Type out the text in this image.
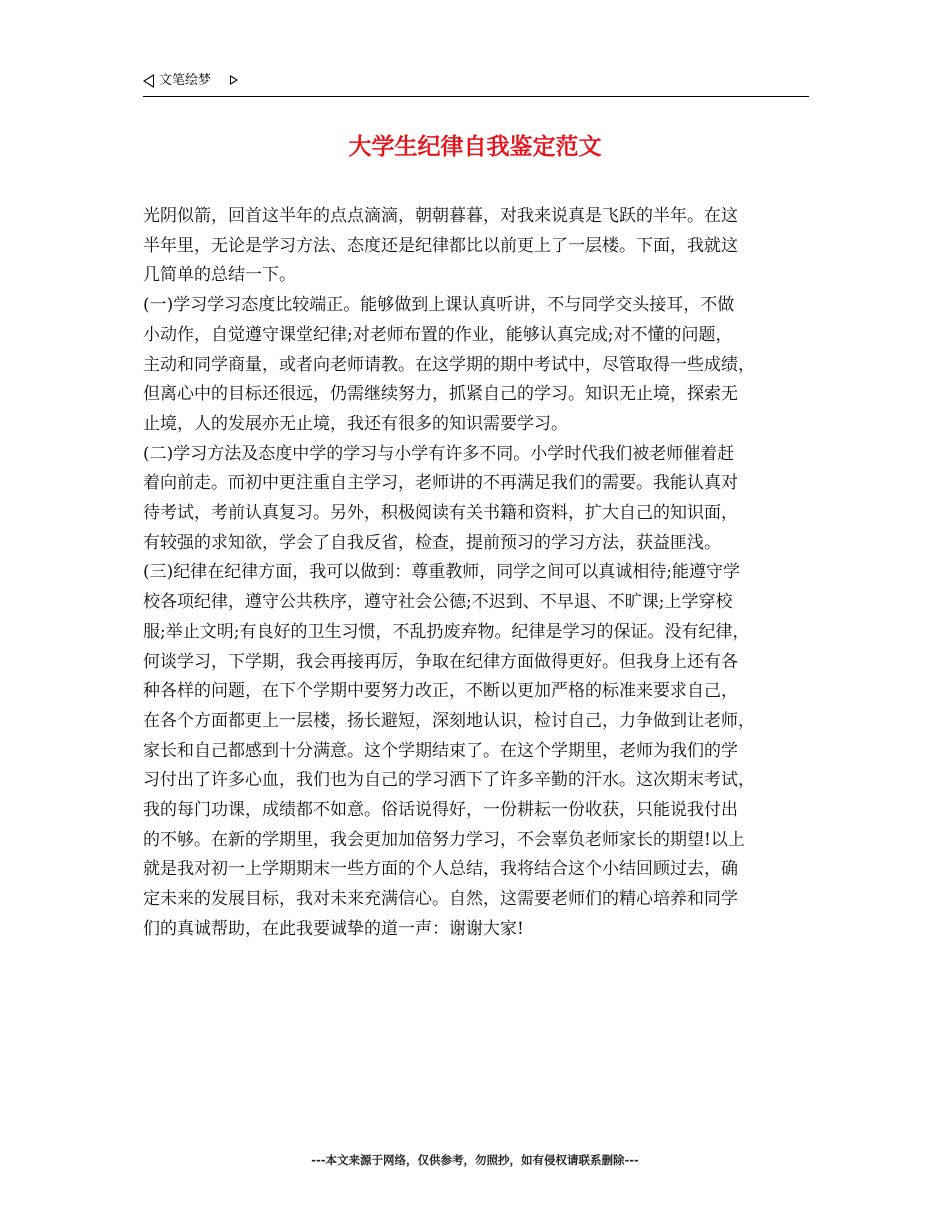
文笔绘梦
大学生纪律自我鉴定范文

光阴似箭，回首这半年的点点滴滴，朝朝暮暮，对我来说真是飞跃的半年。在这
半年里，无论是学习方法、态度还是纪律都比以前更上了一层楼。下面，我就这
几简单的总结一下。

(一)学习学习态度比较端正。能够做到上课认真听讲，不与同学交头接耳，不做
小动作，自觉遵守课堂纪律;对老师布置的作业，能够认真完成;对不懂的问题，
主动和同学商量，或者向老师请教。在这学期的期中考试中，尽管取得一些成绩，
但离心中的目标还很远，仍需继续努力，抓紧自己的学习。知识无止境，探索无
止境，人的发展亦无止境，我还有很多的知识需要学习。

(二)学习方法及态度中学的学习与小学有许多不同。小学时代我们被老师催着赶
着向前走。而初中更注重自主学习，老师讲的不再满足我们的需要。我能认真对
待考试，考前认真复习。另外，积极阅读有关书籍和资料，扩大自己的知识面，
有较强的求知欲，学会了自我反省，检查，提前预习的学习方法，获益匪浅。

(三)纪律在纪律方面，我可以做到：尊重教师，同学之间可以真诚相待;能遵守学
校各项纪律，遵守公共秩序，遵守社会公德;不迟到、不早退、不旷课;上学穿校
服;举止文明;有良好的卫生习惯，不乱扔废弃物。纪律是学习的保证。没有纪律，
何谈学习，下学期，我会再接再厉，争取在纪律方面做得更好。但我身上还有各
种各样的问题，在下个学期中要努力改正，不断以更加严格的标准来要求自己，
在各个方面都更上一层楼，扬长避短，深刻地认识，检讨自己，力争做到让老师，
家长和自己都感到十分满意。这个学期结束了。在这个学期里，老师为我们的学
习付出了许多心血，我们也为自己的学习洒下了许多辛勤的汗水。这次期末考试，
我的每门功课，成绩都不如意。俗话说得好，一份耕耘一份收获，只能说我付出
的不够。在新的学期里，我会更加加倍努力学习，不会辜负老师家长的期望!以上
就是我对初一上学期期末一些方面的个人总结，我将结合这个小结回顾过去，确
定未来的发展目标，我对未来充满信心。自然，这需要老师们的精心培养和同学
们的真诚帮助，在此我要诚挚的道一声：谢谢大家!

---本文来源于网络，仅供参考，勿照抄，如有侵权请联系删除---
